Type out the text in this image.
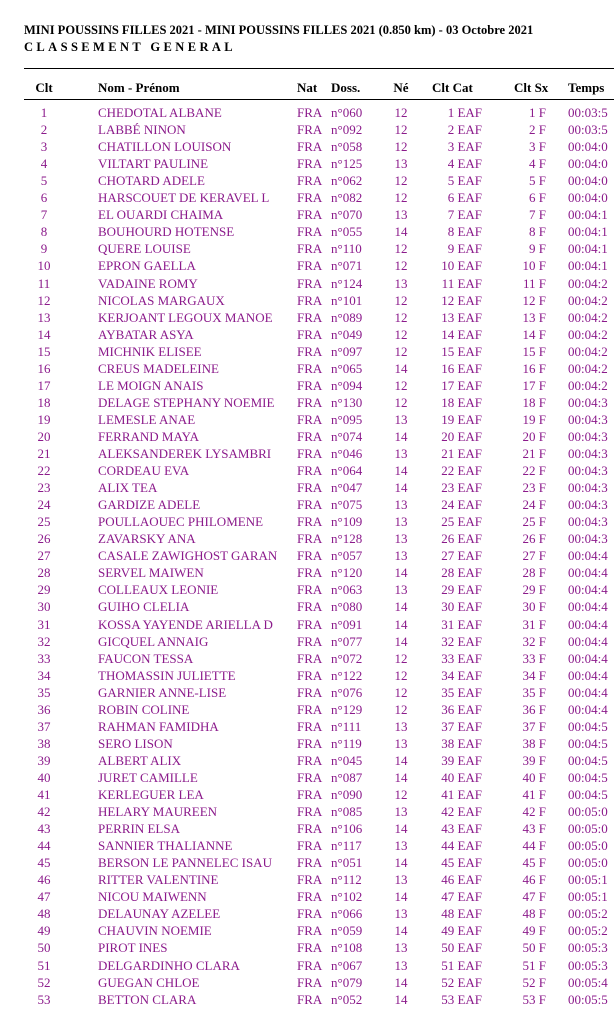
MINI POUSSINS FILLES 2021 - MINI POUSSINS FILLES 2021 (0.850 km) - 03 Octobre 2021
CLASSEMENT GENERAL
Clt	Nom - Prénom	Nat	Doss.	Né Clt Cat	Clt Sx	Temps
1	CHEDOTAL ALBANE	FRA n°060	12	1 EAF	1 F 00:03:5
2	LABBÉ NINON	FRA n°092	12	2 EAF	2 F 00:03:5
3	CHATILLON LOUISON	FRA n°058	12	3 EAF	3 F 00:04:0
4	VILTART PAULINE	FRA n°125	13	4 EAF	4 F 00:04:0
5	CHOTARD ADELE	FRA n°062	12	5 EAF	5 F 00:04:0
6	HARSCOUET DE KERAVEL L	FRA n°082	12	6 EAF	6 F 00:04:0
7	EL OUARDI CHAIMA	FRA n°070	13	7 EAF	7 F 00:04:1
8	BOUHOURD HOTENSE	FRA n°055	14	8 EAF	8 F 00:04:1
9	QUERE LOUISE	FRA n°110	12	9 EAF	9 F 00:04:1
10	EPRON GAELLA	FRA n°071	12	10 EAF	10 F 00:04:1
11	VADAINE ROMY	FRA n°124	13	11 EAF	11 F 00:04:2
12	NICOLAS MARGAUX	FRA n°101	12	12 EAF	12 F 00:04:2
13	KERJOANT LEGOUX MANOE	FRA n°089	12	13 EAF	13 F 00:04:2
14	AYBATAR ASYA	FRA n°049	12	14 EAF	14 F 00:04:2
15	MICHNIK ELISEE	FRA n°097	12	15 EAF	15 F 00:04:2
16	CREUS MADELEINE	FRA n°065	14	16 EAF	16 F 00:04:2
17	LE MOIGN ANAIS	FRA n°094	12	17 EAF	17 F 00:04:2
18	DELAGE STEPHANY NOEMIE	FRA n°130	12	18 EAF	18 F 00:04:3
19	LEMESLE ANAE	FRA n°095	13	19 EAF	19 F 00:04:3
20	FERRAND MAYA	FRA n°074	14	20 EAF	20 F 00:04:3
21	ALEKSANDEREK LYSAMBRI	FRA n°046	13	21 EAF	21 F 00:04:3
22	CORDEAU EVA	FRA n°064	14	22 EAF	22 F 00:04:3
23	ALIX TEA	FRA n°047	14	23 EAF	23 F 00:04:3
24	GARDIZE ADELE	FRA n°075	13	24 EAF	24 F 00:04:3
25	POULLAOUEC PHILOMENE	FRA n°109	13	25 EAF	25 F 00:04:3
26	ZAVARSKY ANA	FRA n°128	13	26 EAF	26 F 00:04:3
27	CASALE ZAWIGHOST GARAN	FRA n°057	13	27 EAF	27 F 00:04:4
28	SERVEL MAIWEN	FRA n°120	14	28 EAF	28 F 00:04:4
29	COLLEAUX LEONIE	FRA n°063	13	29 EAF	29 F 00:04:4
30	GUIHO CLELIA	FRA n°080	14	30 EAF	30 F 00:04:4
31	KOSSA YAYENDE ARIELLA D	FRA n°091	14	31 EAF	31 F 00:04:4
32	GICQUEL ANNAIG	FRA n°077	14	32 EAF	32 F 00:04:4
33	FAUCON TESSA	FRA n°072	12	33 EAF	33 F 00:04:4
34	THOMASSIN JULIETTE	FRA n°122	12	34 EAF	34 F 00:04:4
35	GARNIER ANNE-LISE	FRA n°076	12	35 EAF	35 F 00:04:4
36	ROBIN COLINE	FRA n°129	12	36 EAF	36 F 00:04:4
37	RAHMAN FAMIDHA	FRA n°111	13	37 EAF	37 F 00:04:5
38	SERO LISON	FRA n°119	13	38 EAF	38 F 00:04:5
39	ALBERT ALIX	FRA n°045	14	39 EAF	39 F 00:04:5
40	JURET CAMILLE	FRA n°087	14	40 EAF	40 F 00:04:5
41	KERLEGUER LEA	FRA n°090	12	41 EAF	41 F 00:04:5
42	HELARY MAUREEN	FRA n°085	13	42 EAF	42 F 00:05:0
43	PERRIN ELSA	FRA n°106	14	43 EAF	43 F 00:05:0
44	SANNIER THALIANNE	FRA n°117	13	44 EAF	44 F 00:05:0
45	BERSON LE PANNELEC ISAU	FRA n°051	14	45 EAF	45 F 00:05:0
46	RITTER VALENTINE	FRA n°112	13	46 EAF	46 F 00:05:1
47	NICOU MAIWENN	FRA n°102	14	47 EAF	47 F 00:05:1
48	DELAUNAY AZELEE	FRA n°066	13	48 EAF	48 F 00:05:2
49	CHAUVIN NOEMIE	FRA n°059	14	49 EAF	49 F 00:05:2
50	PIROT INES	FRA n°108	13	50 EAF	50 F 00:05:3
51	DELGARDINHO CLARA	FRA n°067	13	51 EAF	51 F 00:05:3
52	GUEGAN CHLOE	FRA n°079	14	52 EAF	52 F 00:05:4
53	BETTON CLARA	FRA n°052	14	53 EAF	53 F 00:05:5
